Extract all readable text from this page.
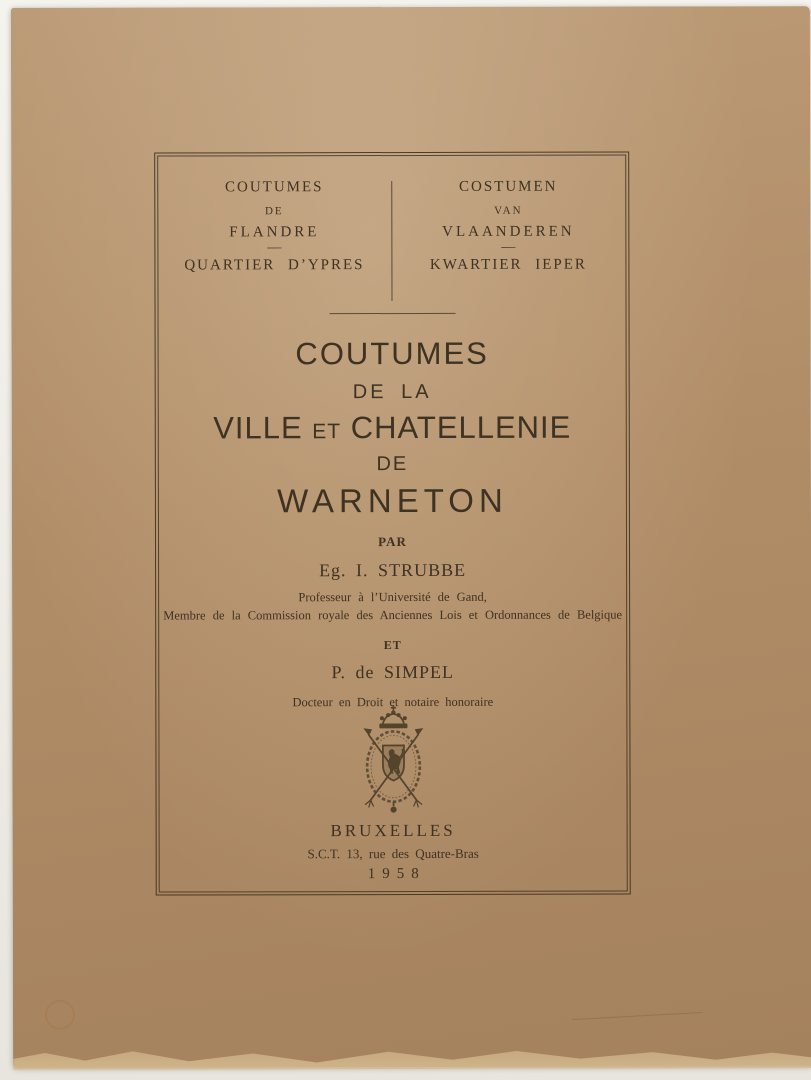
COUTUMES
DE
FLANDRE
—
QUARTIER D’YPRES
COSTUMEN
VAN
VLAANDEREN
—
KWARTIER IEPER
COUTUMES
DE LA
VILLE ET CHATELLENIE
DE
WARNETON
PAR
Eg. I. STRUBBE
Professeur à l’Université de Gand,
Membre de la Commission royale des Anciennes Lois et Ordonnances de Belgique
ET
P. de SIMPEL
Docteur en Droit et notaire honoraire
BRUXELLES
S.C.T. 13, rue des Quatre-Bras
1958
